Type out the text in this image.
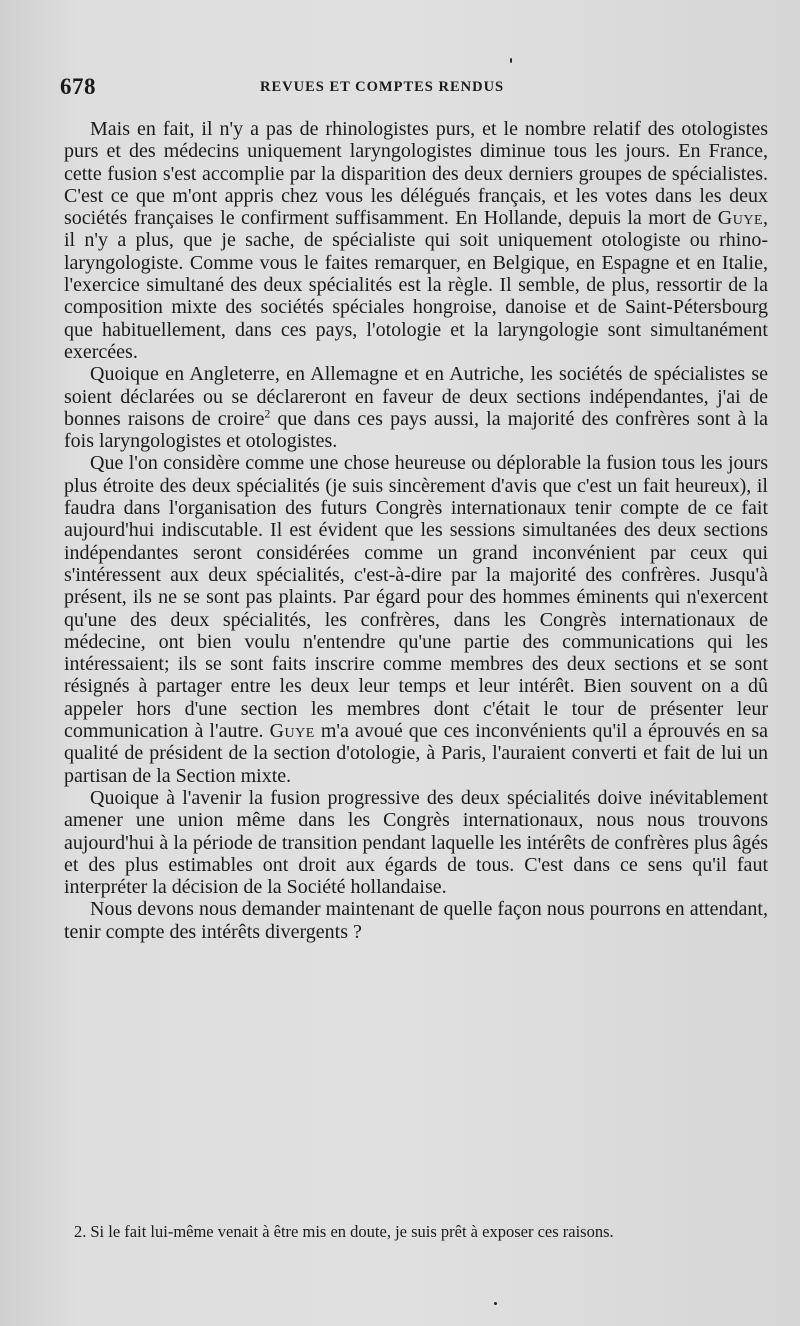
678	REVUES ET COMPTES RENDUS

Mais en fait, il n'y a pas de rhinologistes purs, et le nombre relatif des otologistes purs et des médecins uniquement laryngologistes diminue tous les jours. En France, cette fusion s'est accomplie par la disparition des deux derniers groupes de spécialistes. C'est ce que m'ont appris chez vous les délégués français, et les votes dans les deux sociétés françaises le confirment suffisamment. En Hollande, depuis la mort de Guye, il n'y a plus, que je sache, de spécialiste qui soit uniquement otologiste ou rhino-laryngologiste. Comme vous le faites remarquer, en Belgique, en Espagne et en Italie, l'exercice simultané des deux spécialités est la règle. Il semble, de plus, ressortir de la composition mixte des sociétés spéciales hongroise, danoise et de Saint-Pétersbourg que habituellement, dans ces pays, l'otologie et la laryngologie sont simultanément exercées.

Quoique en Angleterre, en Allemagne et en Autriche, les sociétés de spécialistes se soient déclarées ou se déclareront en faveur de deux sections indépendantes, j'ai de bonnes raisons de croire$^2$ que dans ces pays aussi, la majorité des confrères sont à la fois laryngologistes et otologistes.

Que l'on considère comme une chose heureuse ou déplorable la fusion tous les jours plus étroite des deux spécialités (je suis sincèrement d'avis que c'est un fait heureux), il faudra dans l'organisation des futurs Congrès internationaux tenir compte de ce fait aujourd'hui indiscutable. Il est évident que les sessions simultanées des deux sections indépendantes seront considérées comme un grand inconvénient par ceux qui s'intéressent aux deux spécialités, c'est-à-dire par la majorité des confrères. Jusqu'à présent, ils ne se sont pas plaints. Par égard pour des hommes éminents qui n'exercent qu'une des deux spécialités, les confrères, dans les Congrès internationaux de médecine, ont bien voulu n'entendre qu'une partie des communications qui les intéressaient; ils se sont faits inscrire comme membres des deux sections et se sont résignés à partager entre les deux leur temps et leur intérêt. Bien souvent on a dû appeler hors d'une section les membres dont c'était le tour de présenter leur communication à l'autre. Guye m'a avoué que ces inconvénients qu'il a éprouvés en sa qualité de président de la section d'otologie, à Paris, l'auraient converti et fait de lui un partisan de la Section mixte.

Quoique à l'avenir la fusion progressive des deux spécialités doive inévitablement amener une union même dans les Congrès internationaux, nous nous trouvons aujourd'hui à la période de transition pendant laquelle les intérêts de confrères plus âgés et des plus estimables ont droit aux égards de tous. C'est dans ce sens qu'il faut interpréter la décision de la Société hollandaise.

Nous devons nous demander maintenant de quelle façon nous pourrons en attendant, tenir compte des intérêts divergents ?

2. Si le fait lui-même venait à être mis en doute, je suis prêt à exposer ces raisons.
